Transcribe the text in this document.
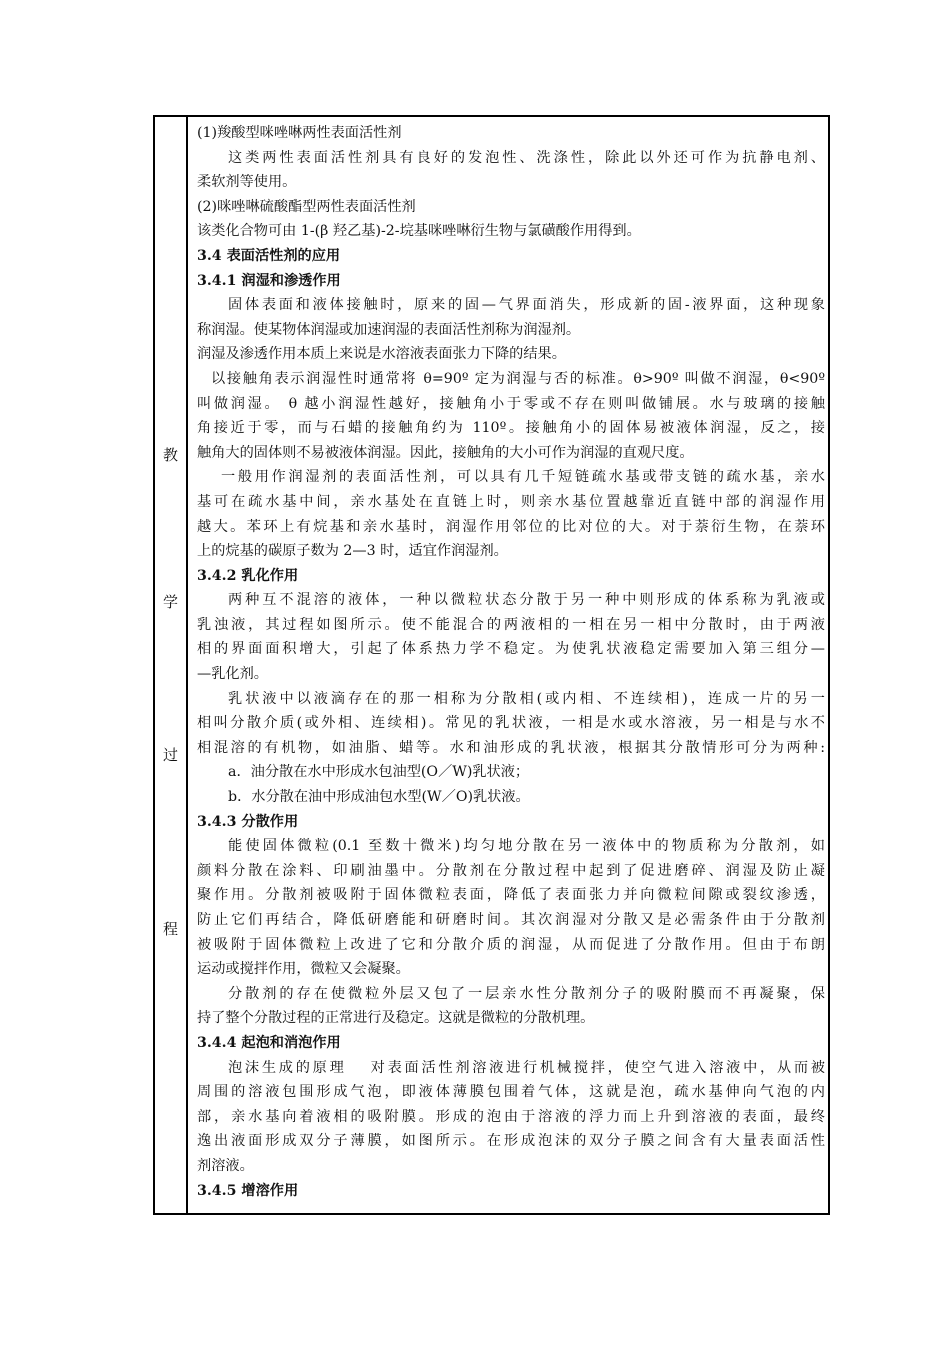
教
学
过
程
(1)羧酸型咪唑啉两性表面活性剂
这类两性表面活性剂具有良好的发泡性、洗涤性，除此以外还可作为抗静电剂、
柔软剂等使用。
(2)咪唑啉硫酸酯型两性表面活性剂
该类化合物可由 1-(β 羟乙基)-2-垸基咪唑啉衍生物与氯磺酸作用得到。
3.4 表面活性剂的应用
3.4.1 润湿和渗透作用
固体表面和液体接触时，原来的固—气界面消失，形成新的固-液界面，这种现象
称润湿。使某物体润湿或加速润湿的表面活性剂称为润湿剂。
润湿及渗透作用本质上来说是水溶液表面张力下降的结果。
以接触角表示润湿性时通常将 θ=90º 定为润湿与否的标准。θ>90º 叫做不润湿，θ<90º
叫做润湿。 θ 越小润湿性越好，接触角小于零或不存在则叫做铺展。水与玻璃的接触
角接近于零，而与石蜡的接触角约为 110º。接触角小的固体易被液体润湿，反之，接
触角大的固体则不易被液体润湿。因此，接触角的大小可作为润湿的直观尺度。
一般用作润湿剂的表面活性剂，可以具有几千短链疏水基或带支链的疏水基，亲水
基可在疏水基中间，亲水基处在直链上时，则亲水基位置越靠近直链中部的润湿作用
越大。苯环上有烷基和亲水基时，润湿作用邻位的比对位的大。对于萘衍生物，在萘环
上的烷基的碳原子数为 2—3 时，适宜作润湿剂。
3.4.2 乳化作用
两种互不混溶的液体，一种以微粒状态分散于另一种中则形成的体系称为乳液或
乳浊液，其过程如图所示。使不能混合的两液相的一相在另一相中分散时，由于两液
相的界面面积增大，引起了体系热力学不稳定。为使乳状液稳定需要加入第三组分—
—乳化剂。
乳状液中以液滴存在的那一相称为分散相(或内相、不连续相)，连成一片的另一
相叫分散介质(或外相、连续相)。常见的乳状液，一相是水或水溶液，另一相是与水不
相混溶的有机物，如油脂、蜡等。水和油形成的乳状液，根据其分散情形可分为两种:
a．油分散在水中形成水包油型(O／W)乳状液；
b．水分散在油中形成油包水型(W／O)乳状液。
3.4.3 分散作用
能使固体微粒(0.1 至数十微米)均匀地分散在另一液体中的物质称为分散剂，如
颜料分散在涂料、印刷油墨中。分散剂在分散过程中起到了促进磨碎、润湿及防止凝
聚作用。分散剂被吸附于固体微粒表面，降低了表面张力并向微粒间隙或裂纹渗透，
防止它们再结合，降低研磨能和研磨时间。其次润湿对分散又是必需条件由于分散剂
被吸附于固体微粒上改进了它和分散介质的润湿，从而促进了分散作用。但由于布朗
运动或搅拌作用，微粒又会凝聚。
分散剂的存在使微粒外层又包了一层亲水性分散剂分子的吸附膜而不再凝聚，保
持了整个分散过程的正常进行及稳定。这就是微粒的分散机理。
3.4.4 起泡和消泡作用
泡沫生成的原理　 对表面活性剂溶液进行机械搅拌，使空气进入溶液中，从而被
周围的溶液包围形成气泡，即液体薄膜包围着气体，这就是泡，疏水基伸向气泡的内
部，亲水基向着液相的吸附膜。形成的泡由于溶液的浮力而上升到溶液的表面，最终
逸出液面形成双分子薄膜，如图所示。在形成泡沫的双分子膜之间含有大量表面活性
剂溶液。
3.4.5 增溶作用
